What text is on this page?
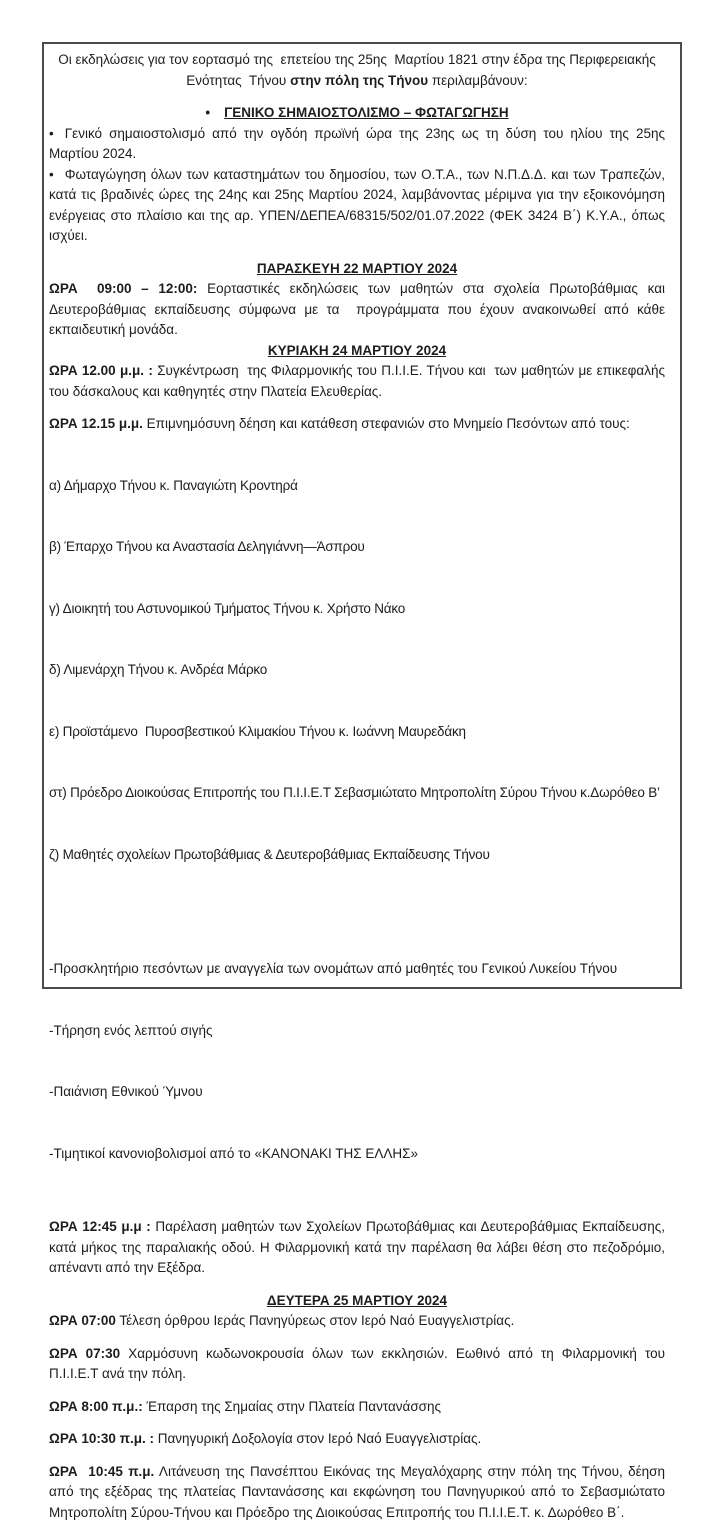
Οι εκδηλώσεις για τον εορτασμό της  επετείου της 25ης  Μαρτίου 1821 στην έδρα της Περιφερειακής Ενότητας  Τήνου στην πόλη της Τήνου περιλαμβάνουν:

• ΓΕΝΙΚΟ ΣΗΜΑΙΟΣΤΟΛΙΣΜΟ – ΦΩΤΑΓΩΓΗΣΗ

• Γενικό σημαιοστολισμό από την ογδόη πρωϊνή ώρα της 23ης ως τη δύση του ηλίου της 25ης Μαρτίου 2024.

• Φωταγώγηση όλων των καταστημάτων του δημοσίου, των Ο.Τ.Α., των Ν.Π.Δ.Δ. και των Τραπεζών, κατά τις βραδινές ώρες της 24ης και 25ης Μαρτίου 2024, λαμβάνοντας μέριμνα για την εξοικονόμηση ενέργειας στο πλαίσιο και της αρ. ΥΠΕΝ/ΔΕΠΕΑ/68315/502/01.07.2022 (ΦΕΚ 3424 Β΄) Κ.Υ.Α., όπως ισχύει.

ΠΑΡΑΣΚΕΥΗ 22 ΜΑΡΤΙΟΥ 2024

ΩΡΑ  09:00 – 12:00: Εορταστικές εκδηλώσεις των μαθητών στα σχολεία Πρωτοβάθμιας και Δευτεροβάθμιας εκπαίδευσης σύμφωνα με τα  προγράμματα που έχουν ανακοινωθεί από κάθε εκπαιδευτική μονάδα.

ΚΥΡΙΑΚΗ 24 ΜΑΡΤΙΟΥ 2024

ΩΡΑ 12.00 μ.μ. : Συγκέντρωση  της Φιλαρμονικής του Π.Ι.Ι.Ε. Τήνου και  των μαθητών με επικεφαλής του δάσκαλους και καθηγητές στην Πλατεία Ελευθερίας.

ΩΡΑ 12.15 μ.μ. Επιμνημόσυνη δέηση και κατάθεση στεφανιών στο Μνημείο Πεσόντων από τους:

α) Δήμαρχο Τήνου κ. Παναγιώτη Κροντηρά

β) Έπαρχο Τήνου κα Αναστασία Δεληγιάννη—Άσπρου

γ) Διοικητή του Αστυνομικού Τμήματος Τήνου κ. Χρήστο Νάκο

δ) Λιμενάρχη Τήνου κ. Ανδρέα Μάρκο

ε) Προϊστάμενο  Πυροσβεστικού Κλιμακίου Τήνου κ. Ιωάννη Μαυρεδάκη

στ) Πρόεδρο Διοικούσας Επιτροπής του Π.Ι.Ι.Ε.Τ Σεβασμιώτατο Μητροπολίτη Σύρου Τήνου κ.Δωρόθεο Β’

ζ) Μαθητές σχολείων Πρωτοβάθμιας & Δευτεροβάθμιας Εκπαίδευσης Τήνου

-Προσκλητήριο πεσόντων με αναγγελία των ονομάτων από μαθητές του Γενικού Λυκείου Τήνου

-Τήρηση ενός λεπτού σιγής

-Παιάνιση Εθνικού Ύμνου

-Τιμητικοί κανονιοβολισμοί από το «ΚΑΝΟΝΑΚΙ ΤΗΣ ΕΛΛΗΣ»

ΩΡΑ 12:45 μ.μ : Παρέλαση μαθητών των Σχολείων Πρωτοβάθμιας και Δευτεροβάθμιας Εκπαίδευσης, κατά μήκος της παραλιακής οδού. Η Φιλαρμονική κατά την παρέλαση θα λάβει θέση στο πεζοδρόμιο, απέναντι από την Εξέδρα.

ΔΕΥΤΕΡΑ 25 ΜΑΡΤΙΟΥ 2024

ΩΡΑ 07:00 Τέλεση όρθρου Ιεράς Πανηγύρεως στον Ιερό Ναό Ευαγγελιστρίας.

ΩΡΑ 07:30 Χαρμόσυνη κωδωνοκρουσία όλων των εκκλησιών. Εωθινό από τη Φιλαρμονική του Π.Ι.Ι.Ε.Τ ανά την πόλη.

ΩΡΑ 8:00 π.μ.: Έπαρση της Σημαίας στην Πλατεία Παντανάσσης

ΩΡΑ 10:30 π.μ. : Πανηγυρική Δοξολογία στον Ιερό Ναό Ευαγγελιστρίας.

ΩΡΑ  10:45 π.μ. Λιτάνευση της Πανσέπτου Εικόνας της Μεγαλόχαρης στην πόλη της Τήνου, δέηση από της εξέδρας της πλατείας Παντανάσσης και εκφώνηση του Πανηγυρικού από το Σεβασμιώτατο Μητροπολίτη Σύρου-Τήνου και Πρόεδρο της Διοικούσας Επιτροπής του Π.Ι.Ι.Ε.Τ. κ. Δωρόθεο Β΄.
